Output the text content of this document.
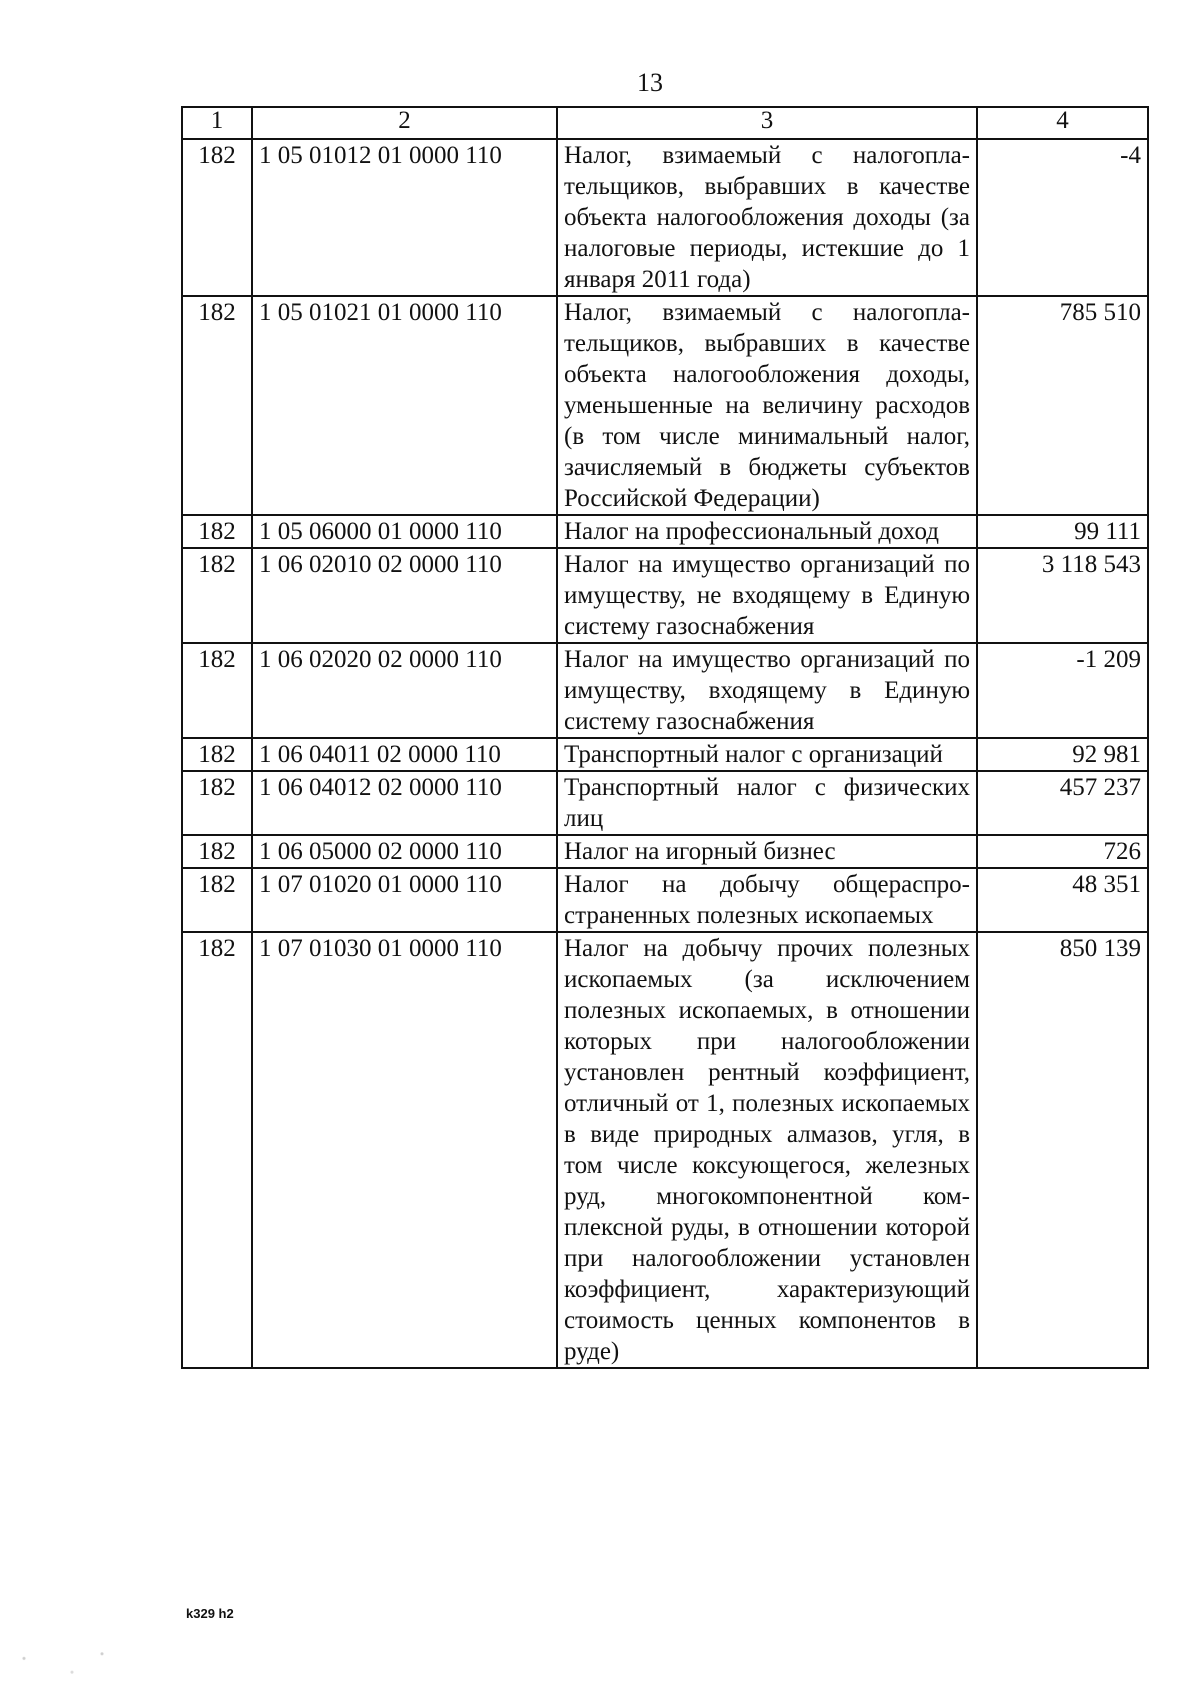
13
1	2	3	4
182	1 05 01012 01 0000 110	Налог, взимаемый с налогоплательщиков, выбравших в качестве объекта налогообложения доходы (за налоговые периоды, истекшие до 1 января 2011 года)	-4
182	1 05 01021 01 0000 110	Налог, взимаемый с налогоплательщиков, выбравших в качестве объекта налогообложения доходы, уменьшенные на величину расходов (в том числе минимальный налог, зачисляемый в бюджеты субъектов Российской Федерации)	785 510
182	1 05 06000 01 0000 110	Налог на профессиональный доход	99 111
182	1 06 02010 02 0000 110	Налог на имущество организаций по имуществу, не входящему в Единую систему газоснабжения	3 118 543
182	1 06 02020 02 0000 110	Налог на имущество организаций по имуществу, входящему в Единую систему газоснабжения	-1 209
182	1 06 04011 02 0000 110	Транспортный налог с организаций	92 981
182	1 06 04012 02 0000 110	Транспортный налог с физических лиц	457 237
182	1 06 05000 02 0000 110	Налог на игорный бизнес	726
182	1 07 01020 01 0000 110	Налог на добычу общераспространенных полезных ископаемых	48 351
182	1 07 01030 01 0000 110	Налог на добычу прочих полезных ископаемых (за исключением полезных ископаемых, в отношении которых при налогообложении установлен рентный коэффициент, отличный от 1, полезных ископаемых в виде природных алмазов, угля, в том числе коксующегося, железных руд, многокомпонентной комплексной руды, в отношении которой при налогообложении установлен коэффициент, характеризующий стоимость ценных компонентов в руде)	850 139
k329 h2
